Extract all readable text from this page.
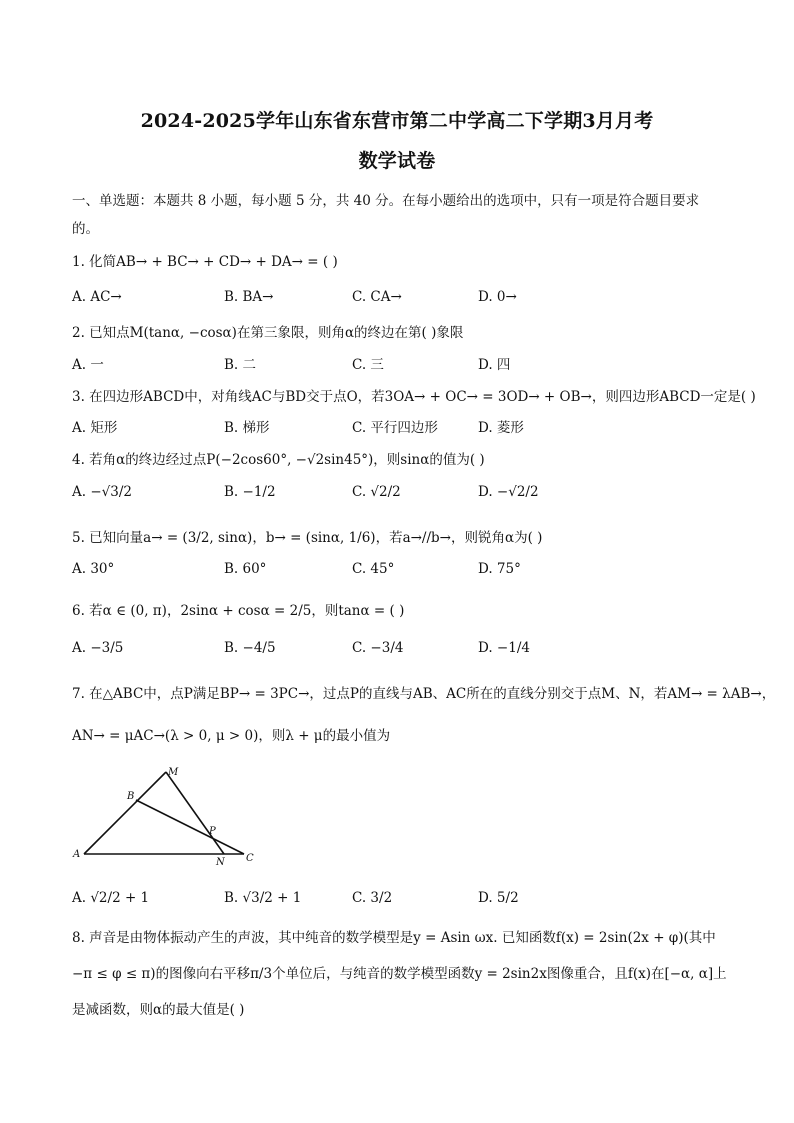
2024-2025学年山东省东营市第二中学高二下学期3月月考
数学试卷
一、单选题：本题共 8 小题，每小题 5 分，共 40 分。在每小题给出的选项中，只有一项是符合题目要求
的。
1. 化简AB→ + BC→ + CD→ + DA→ = ( )
A. AC→	B. BA→	C. CA→	D. 0→
2. 已知点M(tanα, −cosα)在第三象限，则角α的终边在第( )象限
A. 一	B. 二	C. 三	D. 四
3. 在四边形ABCD中，对角线AC与BD交于点O，若3OA→ + OC→ = 3OD→ + OB→，则四边形ABCD一定是( )
A. 矩形	B. 梯形	C. 平行四边形	D. 菱形
4. 若角α的终边经过点P(−2cos60°, −√2sin45°)，则sinα的值为( )
A. −√3/2	B. −1/2	C. √2/2	D. −√2/2
5. 已知向量a→ = (3/2, sinα)，b→ = (sinα, 1/6)，若a→//b→，则锐角α为( )
A. 30°	B. 60°	C. 45°	D. 75°
6. 若α ∈ (0, π)，2sinα + cosα = 2/5，则tanα = ( )
A. −3/5	B. −4/5	C. −3/4	D. −1/4
7. 在△ABC中，点P满足BP→ = 3PC→，过点P的直线与AB、AC所在的直线分别交于点M、N，若AM→ = λAB→，
AN→ = μAC→(λ > 0, μ > 0)，则λ + μ的最小值为
M
B
P
A
N C
A. √2/2 + 1	B. √3/2 + 1	C. 3/2	D. 5/2
8. 声音是由物体振动产生的声波，其中纯音的数学模型是y = Asin ωx. 已知函数f(x) = 2sin(2x + φ)(其中
−π ≤ φ ≤ π)的图像向右平移π/3个单位后，与纯音的数学模型函数y = 2sin2x图像重合，且f(x)在[−α, α]上
是减函数，则α的最大值是( )
